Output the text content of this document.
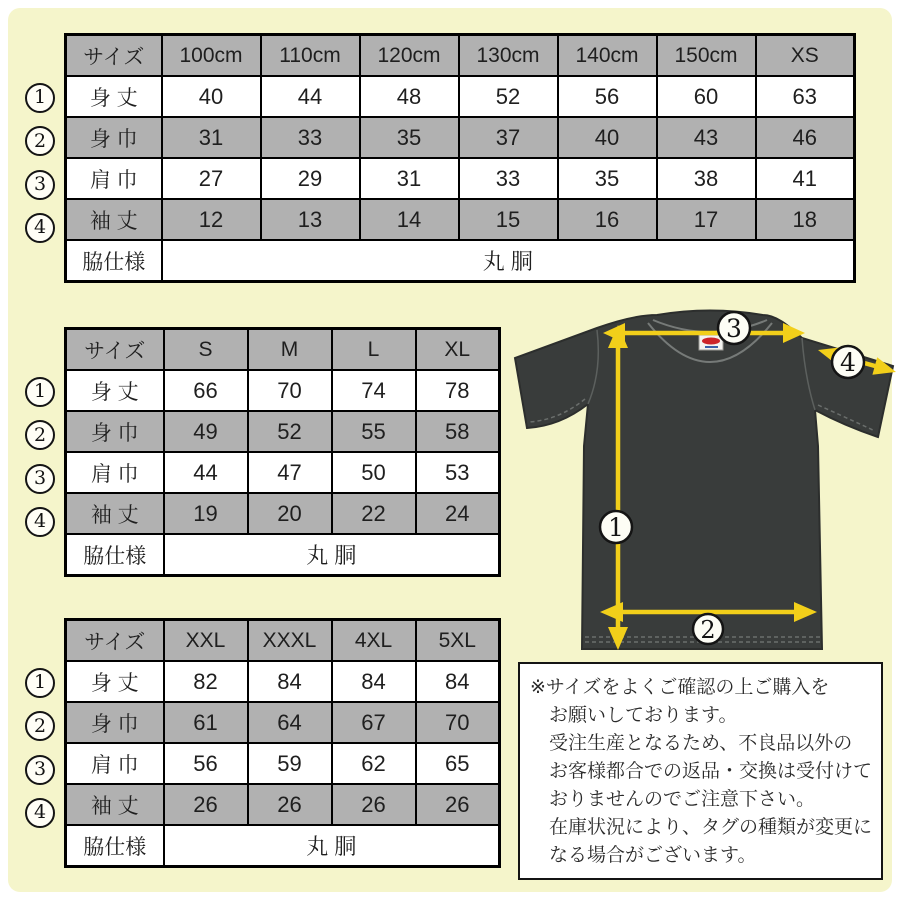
3
4
1
2
※サイズをよくご確認の上ご購入を
お願いしております。
受注生産となるため、不良品以外の
お客様都合での返品・交換は受付けて
おりませんのでご注意下さい。
在庫状況により、タグの種類が変更に
なる場合がございます。
サイズ	100cm	110cm	120cm	130cm	140cm	150cm	XS
身 丈	40	44	48	52	56	60	63
身 巾	31	33	35	37	40	43	46
肩 巾	27	29	31	33	35	38	41
袖 丈	12	13	14	15	16	17	18
脇仕様	丸 胴						
1
2
3
4
サイズ	S	M	L	XL
身 丈	66	70	74	78
身 巾	49	52	55	58
肩 巾	44	47	50	53
袖 丈	19	20	22	24
脇仕様	丸 胴			
1
2
3
4
サイズ	XXL	XXXL	4XL	5XL
身 丈	82	84	84	84
身 巾	61	64	67	70
肩 巾	56	59	62	65
袖 丈	26	26	26	26
脇仕様	丸 胴			
1
2
3
4
